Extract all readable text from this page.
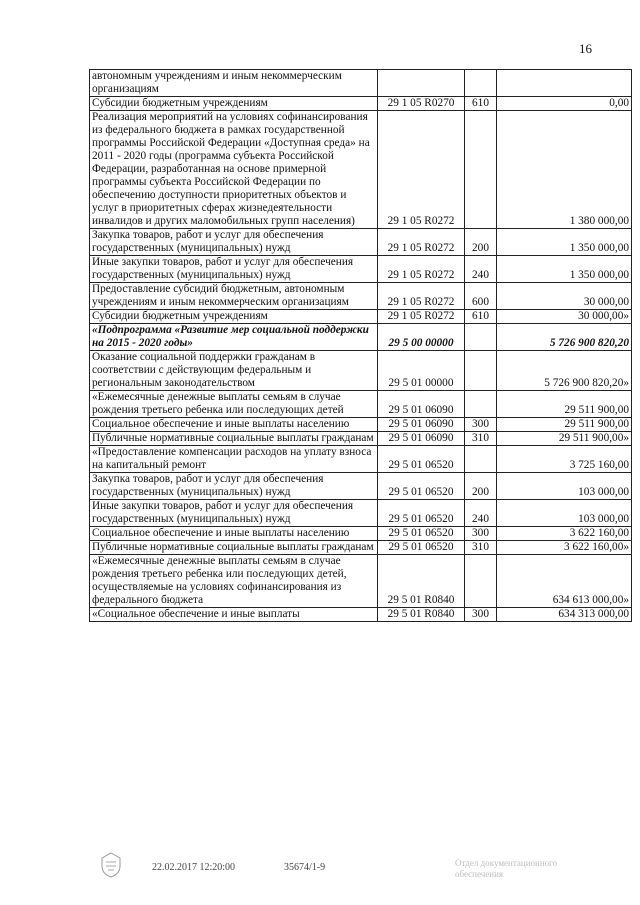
16
автономным учреждениям и иным некоммерческим организациям			
Субсидии бюджетным учреждениям	29 1 05 R0270	610	0,00
Реализация мероприятий на условиях софинансирования из федерального бюджета в рамках государственной программы Российской Федерации «Доступная среда» на 2011 - 2020 годы (программа субъекта Российской Федерации, разработанная на основе примерной программы субъекта Российской Федерации по обеспечению доступности приоритетных объектов и услуг в приоритетных сферах жизнедеятельности инвалидов и других маломобильных групп населения)	29 1 05 R0272		1 380 000,00
Закупка товаров, работ и услуг для обеспечения государственных (муниципальных) нужд	29 1 05 R0272	200	1 350 000,00
Иные закупки товаров, работ и услуг для обеспечения государственных (муниципальных) нужд	29 1 05 R0272	240	1 350 000,00
Предоставление субсидий бюджетным, автономным учреждениям и иным некоммерческим организациям	29 1 05 R0272	600	30 000,00
Субсидии бюджетным учреждениям	29 1 05 R0272	610	30 000,00»
«Подпрограмма «Развитие мер социальной поддержки на 2015 - 2020 годы»	29 5 00 00000		5 726 900 820,20
Оказание социальной поддержки гражданам в соответствии с действующим федеральным и региональным законодательством	29 5 01 00000		5 726 900 820,20»
«Ежемесячные денежные выплаты семьям в случае рождения третьего ребенка или последующих детей	29 5 01 06090		29 511 900,00
Социальное обеспечение и иные выплаты населению	29 5 01 06090	300	29 511 900,00
Публичные нормативные социальные выплаты гражданам	29 5 01 06090	310	29 511 900,00»
«Предоставление компенсации расходов на уплату взноса на капитальный ремонт	29 5 01 06520		3 725 160,00
Закупка товаров, работ и услуг для обеспечения государственных (муниципальных) нужд	29 5 01 06520	200	103 000,00
Иные закупки товаров, работ и услуг для обеспечения государственных (муниципальных) нужд	29 5 01 06520	240	103 000,00
Социальное обеспечение и иные выплаты населению	29 5 01 06520	300	3 622 160,00
Публичные нормативные социальные выплаты гражданам	29 5 01 06520	310	3 622 160,00»
«Ежемесячные денежные выплаты семьям в случае рождения третьего ребенка или последующих детей, осуществляемые на условиях софинансирования из федерального бюджета	29 5 01 R0840		634 613 000,00»
«Социальное обеспечение и иные выплаты	29 5 01 R0840	300	634 313 000,00
22.02.2017 12:20:00	35674/1-9	Отдел документационного обеспечения
